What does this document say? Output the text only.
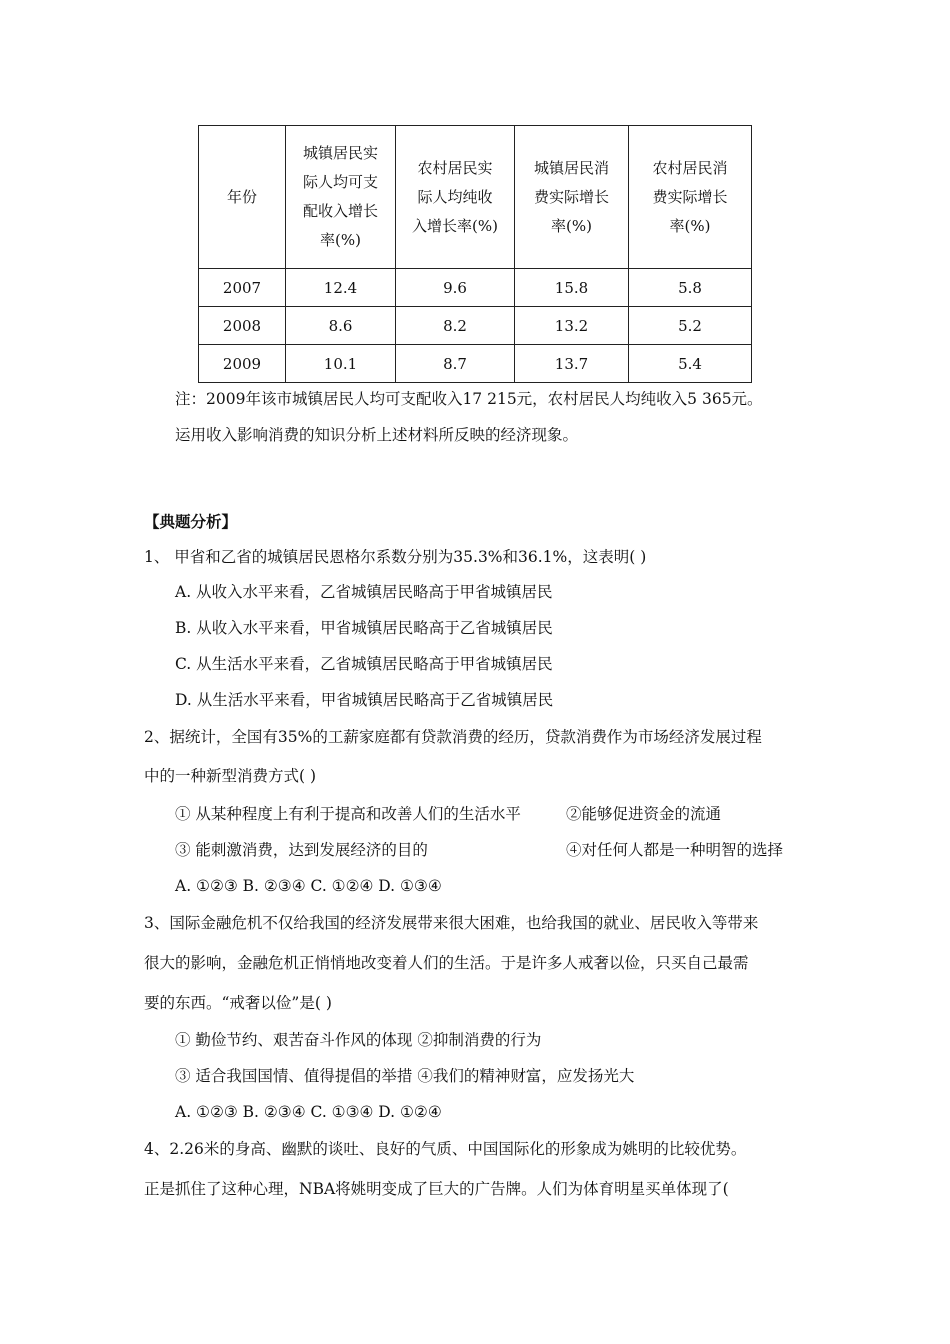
年份	城镇居民实
际人均可支
配收入增长
率(%)	农村居民实
际人均纯收
入增长率(%)	城镇居民消
费实际增长
率(%)	农村居民消
费实际增长
率(%)

2007	12.4	9.6	15.8	5.8
2008	8.6	8.2	13.2	5.2
2009	10.1	8.7	13.7	5.4
注：2009年该市城镇居民人均可支配收入17 215元，农村居民人均纯收入5 365元。
运用收入影响消费的知识分析上述材料所反映的经济现象。
【典题分析】
1、 甲省和乙省的城镇居民恩格尔系数分别为35.3%和36.1%，这表明( )
A. 从收入水平来看，乙省城镇居民略高于甲省城镇居民
B. 从收入水平来看，甲省城镇居民略高于乙省城镇居民
C. 从生活水平来看，乙省城镇居民略高于甲省城镇居民
D. 从生活水平来看，甲省城镇居民略高于乙省城镇居民
2、据统计，全国有35%的工薪家庭都有贷款消费的经历，贷款消费作为市场经济发展过程
中的一种新型消费方式( )
① 从某种程度上有利于提高和改善人们的生活水平	②能够促进资金的流通
③ 能刺激消费，达到发展经济的目的	④对任何人都是一种明智的选择
A. ①②③ B. ②③④ C. ①②④ D. ①③④
3、国际金融危机不仅给我国的经济发展带来很大困难，也给我国的就业、居民收入等带来
很大的影响，金融危机正悄悄地改变着人们的生活。于是许多人戒奢以俭，只买自己最需
要的东西。“戒奢以俭”是( )
① 勤俭节约、艰苦奋斗作风的体现 ②抑制消费的行为
③ 适合我国国情、值得提倡的举措 ④我们的精神财富，应发扬光大
A. ①②③ B. ②③④ C. ①③④ D. ①②④
4、2.26米的身高、幽默的谈吐、良好的气质、中国国际化的形象成为姚明的比较优势。
正是抓住了这种心理，NBA将姚明变成了巨大的广告牌。人们为体育明星买单体现了(
